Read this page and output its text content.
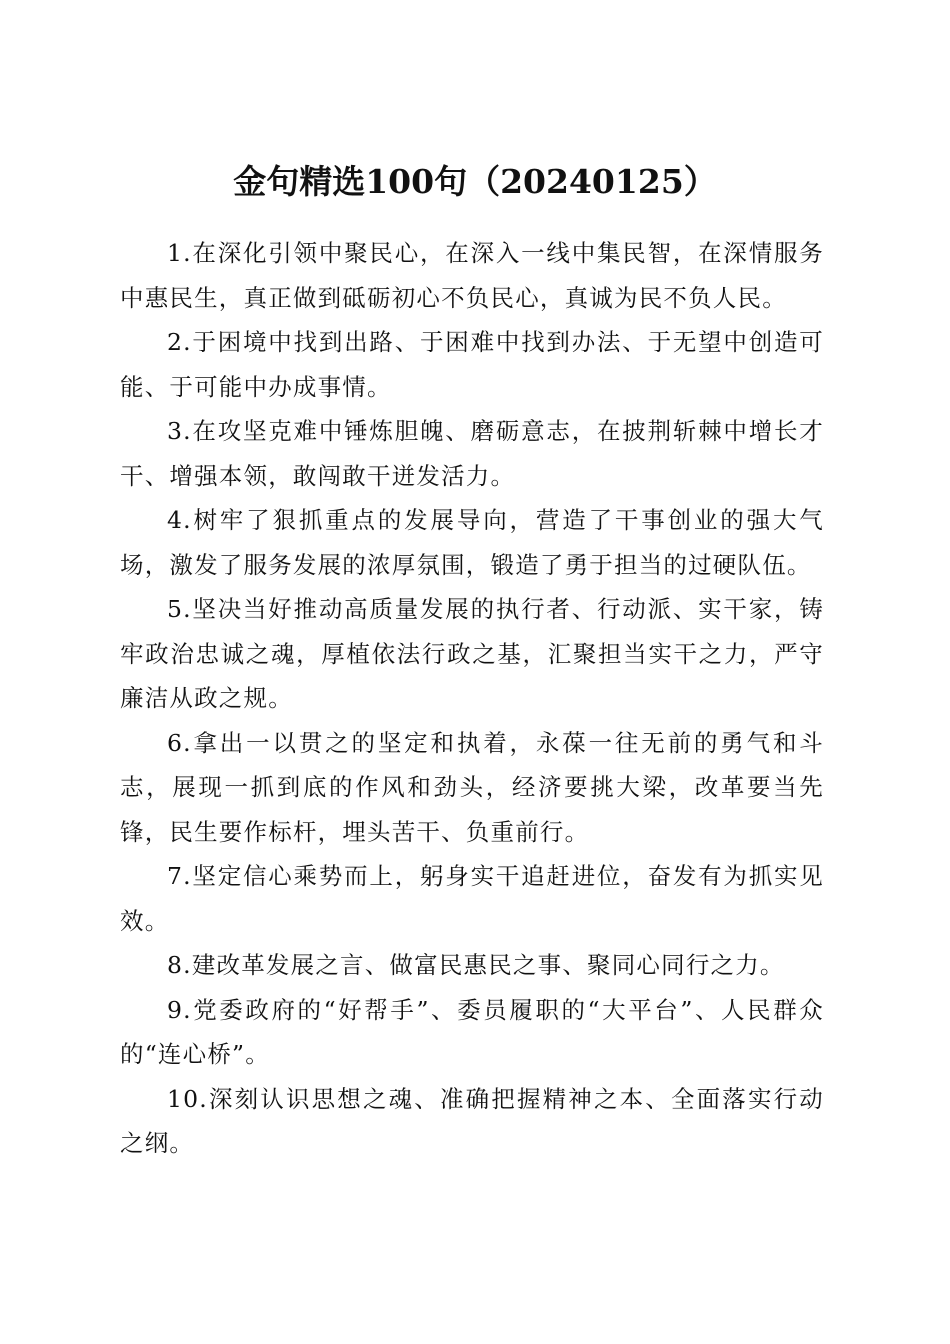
金句精选100句（20240125）

1.在深化引领中聚民心，在深入一线中集民智，在深情服务中惠民生，真正做到砥砺初心不负民心，真诚为民不负人民。

2.于困境中找到出路、于困难中找到办法、于无望中创造可能、于可能中办成事情。

3.在攻坚克难中锤炼胆魄、磨砺意志，在披荆斩棘中增长才干、增强本领，敢闯敢干迸发活力。

4.树牢了狠抓重点的发展导向，营造了干事创业的强大气场，激发了服务发展的浓厚氛围，锻造了勇于担当的过硬队伍。

5.坚决当好推动高质量发展的执行者、行动派、实干家，铸牢政治忠诚之魂，厚植依法行政之基，汇聚担当实干之力，严守廉洁从政之规。

6.拿出一以贯之的坚定和执着，永葆一往无前的勇气和斗志，展现一抓到底的作风和劲头，经济要挑大梁，改革要当先锋，民生要作标杆，埋头苦干、负重前行。

7.坚定信心乘势而上，躬身实干追赶进位，奋发有为抓实见效。

8.建改革发展之言、做富民惠民之事、聚同心同行之力。

9.党委政府的“好帮手”、委员履职的“大平台”、人民群众的“连心桥”。

10.深刻认识思想之魂、准确把握精神之本、全面落实行动之纲。
